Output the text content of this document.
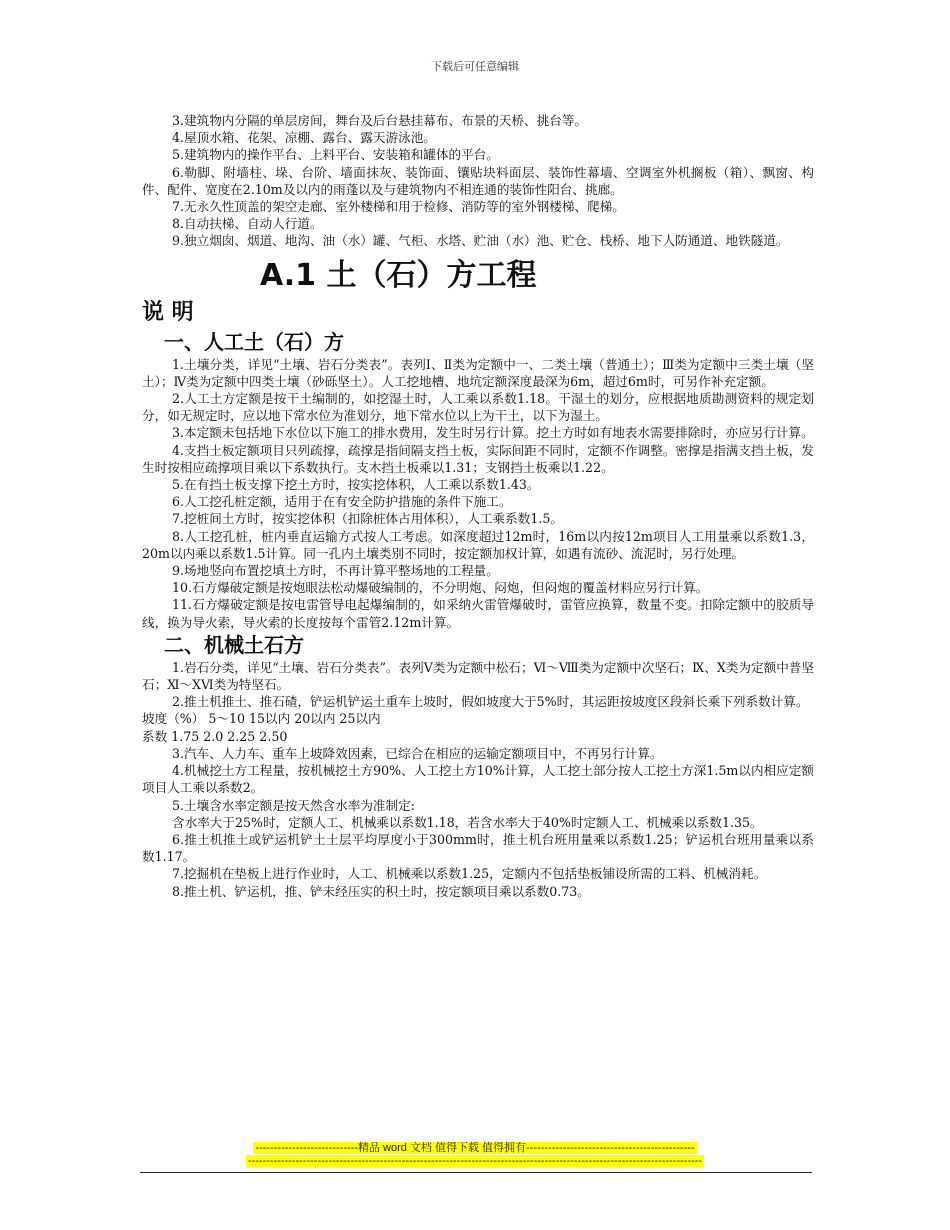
下载后可任意编辑

3.建筑物内分隔的单层房间，舞台及后台悬挂幕布、布景的天桥、挑台等。

4.屋顶水箱、花架、凉棚、露台、露天游泳池。

5.建筑物内的操作平台、上料平台、安装箱和罐体的平台。

6.勒脚、附墙柱、垛、台阶、墙面抹灰、装饰面、镶贴块料面层、装饰性幕墙、空调室外机搁板（箱）、飘窗、构件、配件、宽度在2.10m及以内的雨蓬以及与建筑物内不相连通的装饰性阳台、挑廊。

7.无永久性顶盖的架空走廊、室外楼梯和用于检修、消防等的室外钢楼梯、爬梯。

8.自动扶梯、自动人行道。

9.独立烟囱、烟道、地沟、油（水）罐、气柜、水塔、贮油（水）池、贮仓、栈桥、地下人防通道、地铁隧道。

A.1 土（石）方工程
说 明
一、人工土（石）方

1.土壤分类，详见“土壤、岩石分类表”。表列Ⅰ、Ⅱ类为定额中一、二类土壤（普通土）；Ⅲ类为定额中三类土壤（坚土）；Ⅳ类为定额中四类土壤（砂砾坚土）。人工挖地槽、地坑定额深度最深为6m，超过6m时，可另作补充定额。

2.人工土方定额是按干土编制的，如挖湿土时，人工乘以系数1.18。干湿土的划分，应根据地质勘测资料的规定划分，如无规定时，应以地下常水位为准划分，地下常水位以上为干土，以下为湿土。

3.本定额未包括地下水位以下施工的排水费用，发生时另行计算。挖土方时如有地表水需要排除时，亦应另行计算。

4.支挡土板定额项目只列疏撑，疏撑是指间隔支挡土板，实际间距不同时，定额不作调整。密撑是指满支挡土板，发生时按相应疏撑项目乘以下系数执行。支木挡土板乘以1.31；支钢挡土板乘以1.22。

5.在有挡土板支撑下挖土方时，按实挖体积，人工乘以系数1.43。

6.人工挖孔桩定额，适用于在有安全防护措施的条件下施工。

7.挖桩间土方时，按实挖体积（扣除桩体占用体积），人工乘系数1.5。

8.人工挖孔桩，桩内垂直运输方式按人工考虑。如深度超过12m时，16m以内按12m项目人工用量乘以系数1.3，20m以内乘以系数1.5计算。同一孔内土壤类别不同时，按定额加权计算，如遇有流砂、流泥时，另行处理。

9.场地竖向布置挖填土方时，不再计算平整场地的工程量。

10.石方爆破定额是按炮眼法松动爆破编制的，不分明炮、闷炮，但闷炮的覆盖材料应另行计算。

11.石方爆破定额是按电雷管导电起爆编制的，如采纳火雷管爆破时，雷管应换算，数量不变。扣除定额中的胶质导线，换为导火索，导火索的长度按每个雷管2.12m计算。

二、机械土石方

1.岩石分类，详见“土壤、岩石分类表”。表列Ⅴ类为定额中松石；Ⅵ～Ⅷ类为定额中次坚石；Ⅸ、Ⅹ类为定额中普坚石；Ⅺ～ⅩⅥ类为特坚石。

2.推土机推土、推石碴，铲运机铲运土重车上坡时，假如坡度大于5%时，其运距按坡度区段斜长乘下列系数计算。

坡度（%） 5～10 15以内 20以内 25以内

系数 1.75 2.0 2.25 2.50

3.汽车、人力车、重车上坡降效因素，已综合在相应的运输定额项目中，不再另行计算。

4.机械挖土方工程量，按机械挖土方90%、人工挖土方10%计算，人工挖土部分按人工挖土方深1.5m以内相应定额项目人工乘以系数2。

5.土壤含水率定额是按天然含水率为准制定:

含水率大于25%时，定额人工、机械乘以系数1.18，若含水率大于40%时定额人工、机械乘以系数1.35。

6.推土机推土或铲运机铲土土层平均厚度小于300mm时，推土机台班用量乘以系数1.25；铲运机台班用量乘以系数1.17。

7.挖掘机在垫板上进行作业时，人工、机械乘以系数1.25，定额内不包括垫板铺设所需的工料、机械消耗。

8.推土机、铲运机，推、铲未经压实的积土时，按定额项目乘以系数0.73。

----------------------------精品 word 文档 值得下载 值得拥有----------------------------------------------
----------------------------------------------------------------------------------------------------------------------------
